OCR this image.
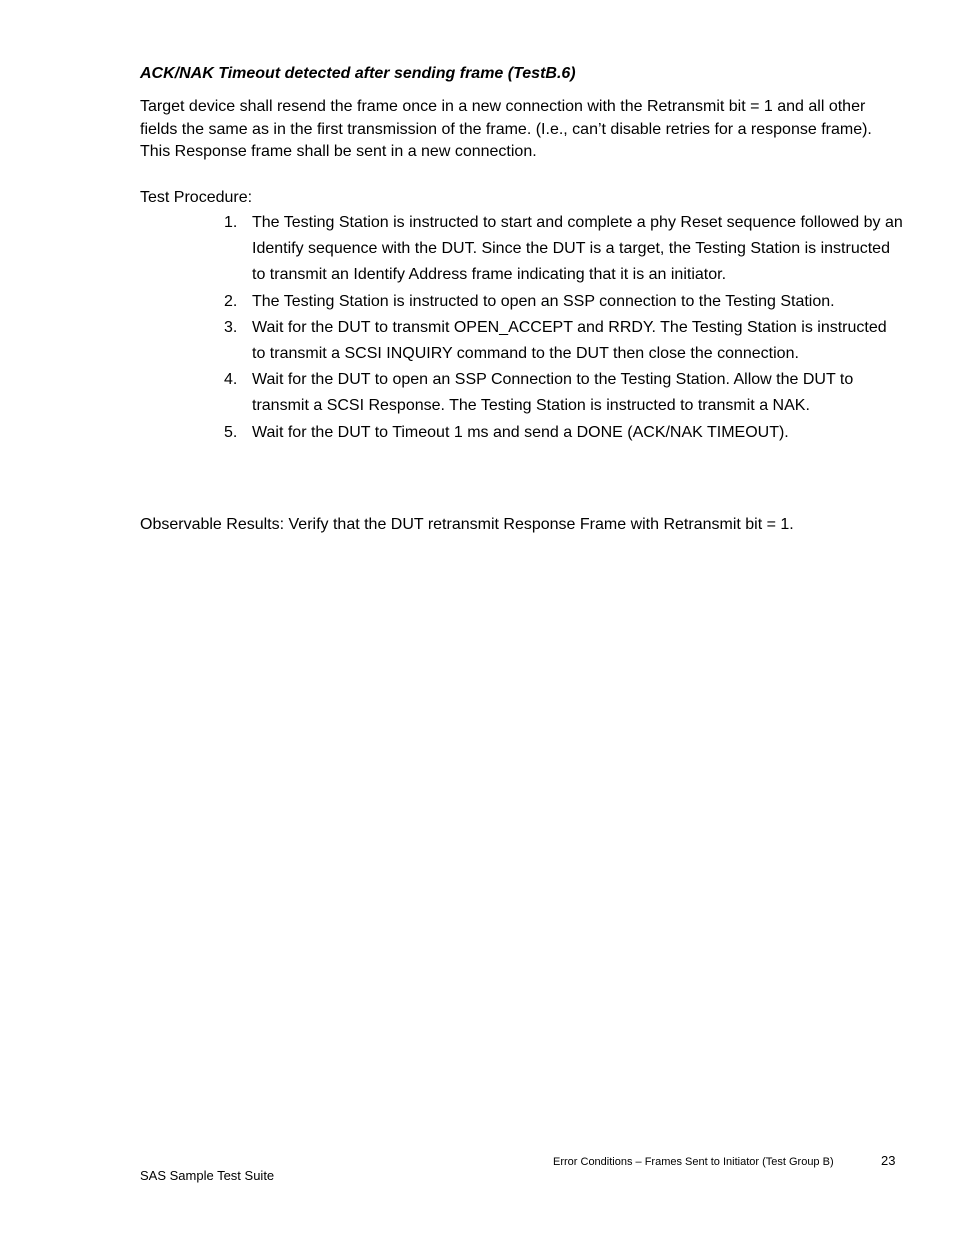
ACK/NAK Timeout detected after sending frame (TestB.6)

Target device shall resend the frame once in a new connection with the Retransmit bit = 1 and all other fields the same as in the first transmission of the frame. (I.e., can’t disable retries for a response frame). This Response frame shall be sent in a new connection.

Test Procedure:
1. The Testing Station is instructed to start and complete a phy Reset sequence followed by an Identify sequence with the DUT. Since the DUT is a target, the Testing Station is instructed to transmit an Identify Address frame indicating that it is an initiator.
2. The Testing Station is instructed to open an SSP connection to the Testing Station.
3. Wait for the DUT to transmit OPEN_ACCEPT and RRDY. The Testing Station is instructed to transmit a SCSI INQUIRY command to the DUT then close the connection.
4. Wait for the DUT to open an SSP Connection to the Testing Station. Allow the DUT to transmit a SCSI Response. The Testing Station is instructed to transmit a NAK.
5. Wait for the DUT to Timeout 1 ms and send a DONE (ACK/NAK TIMEOUT).
Observable Results: Verify that the DUT retransmit Response Frame with Retransmit bit = 1.
Error Conditions – Frames Sent to Initiator (Test Group B)	23
SAS Sample Test Suite
